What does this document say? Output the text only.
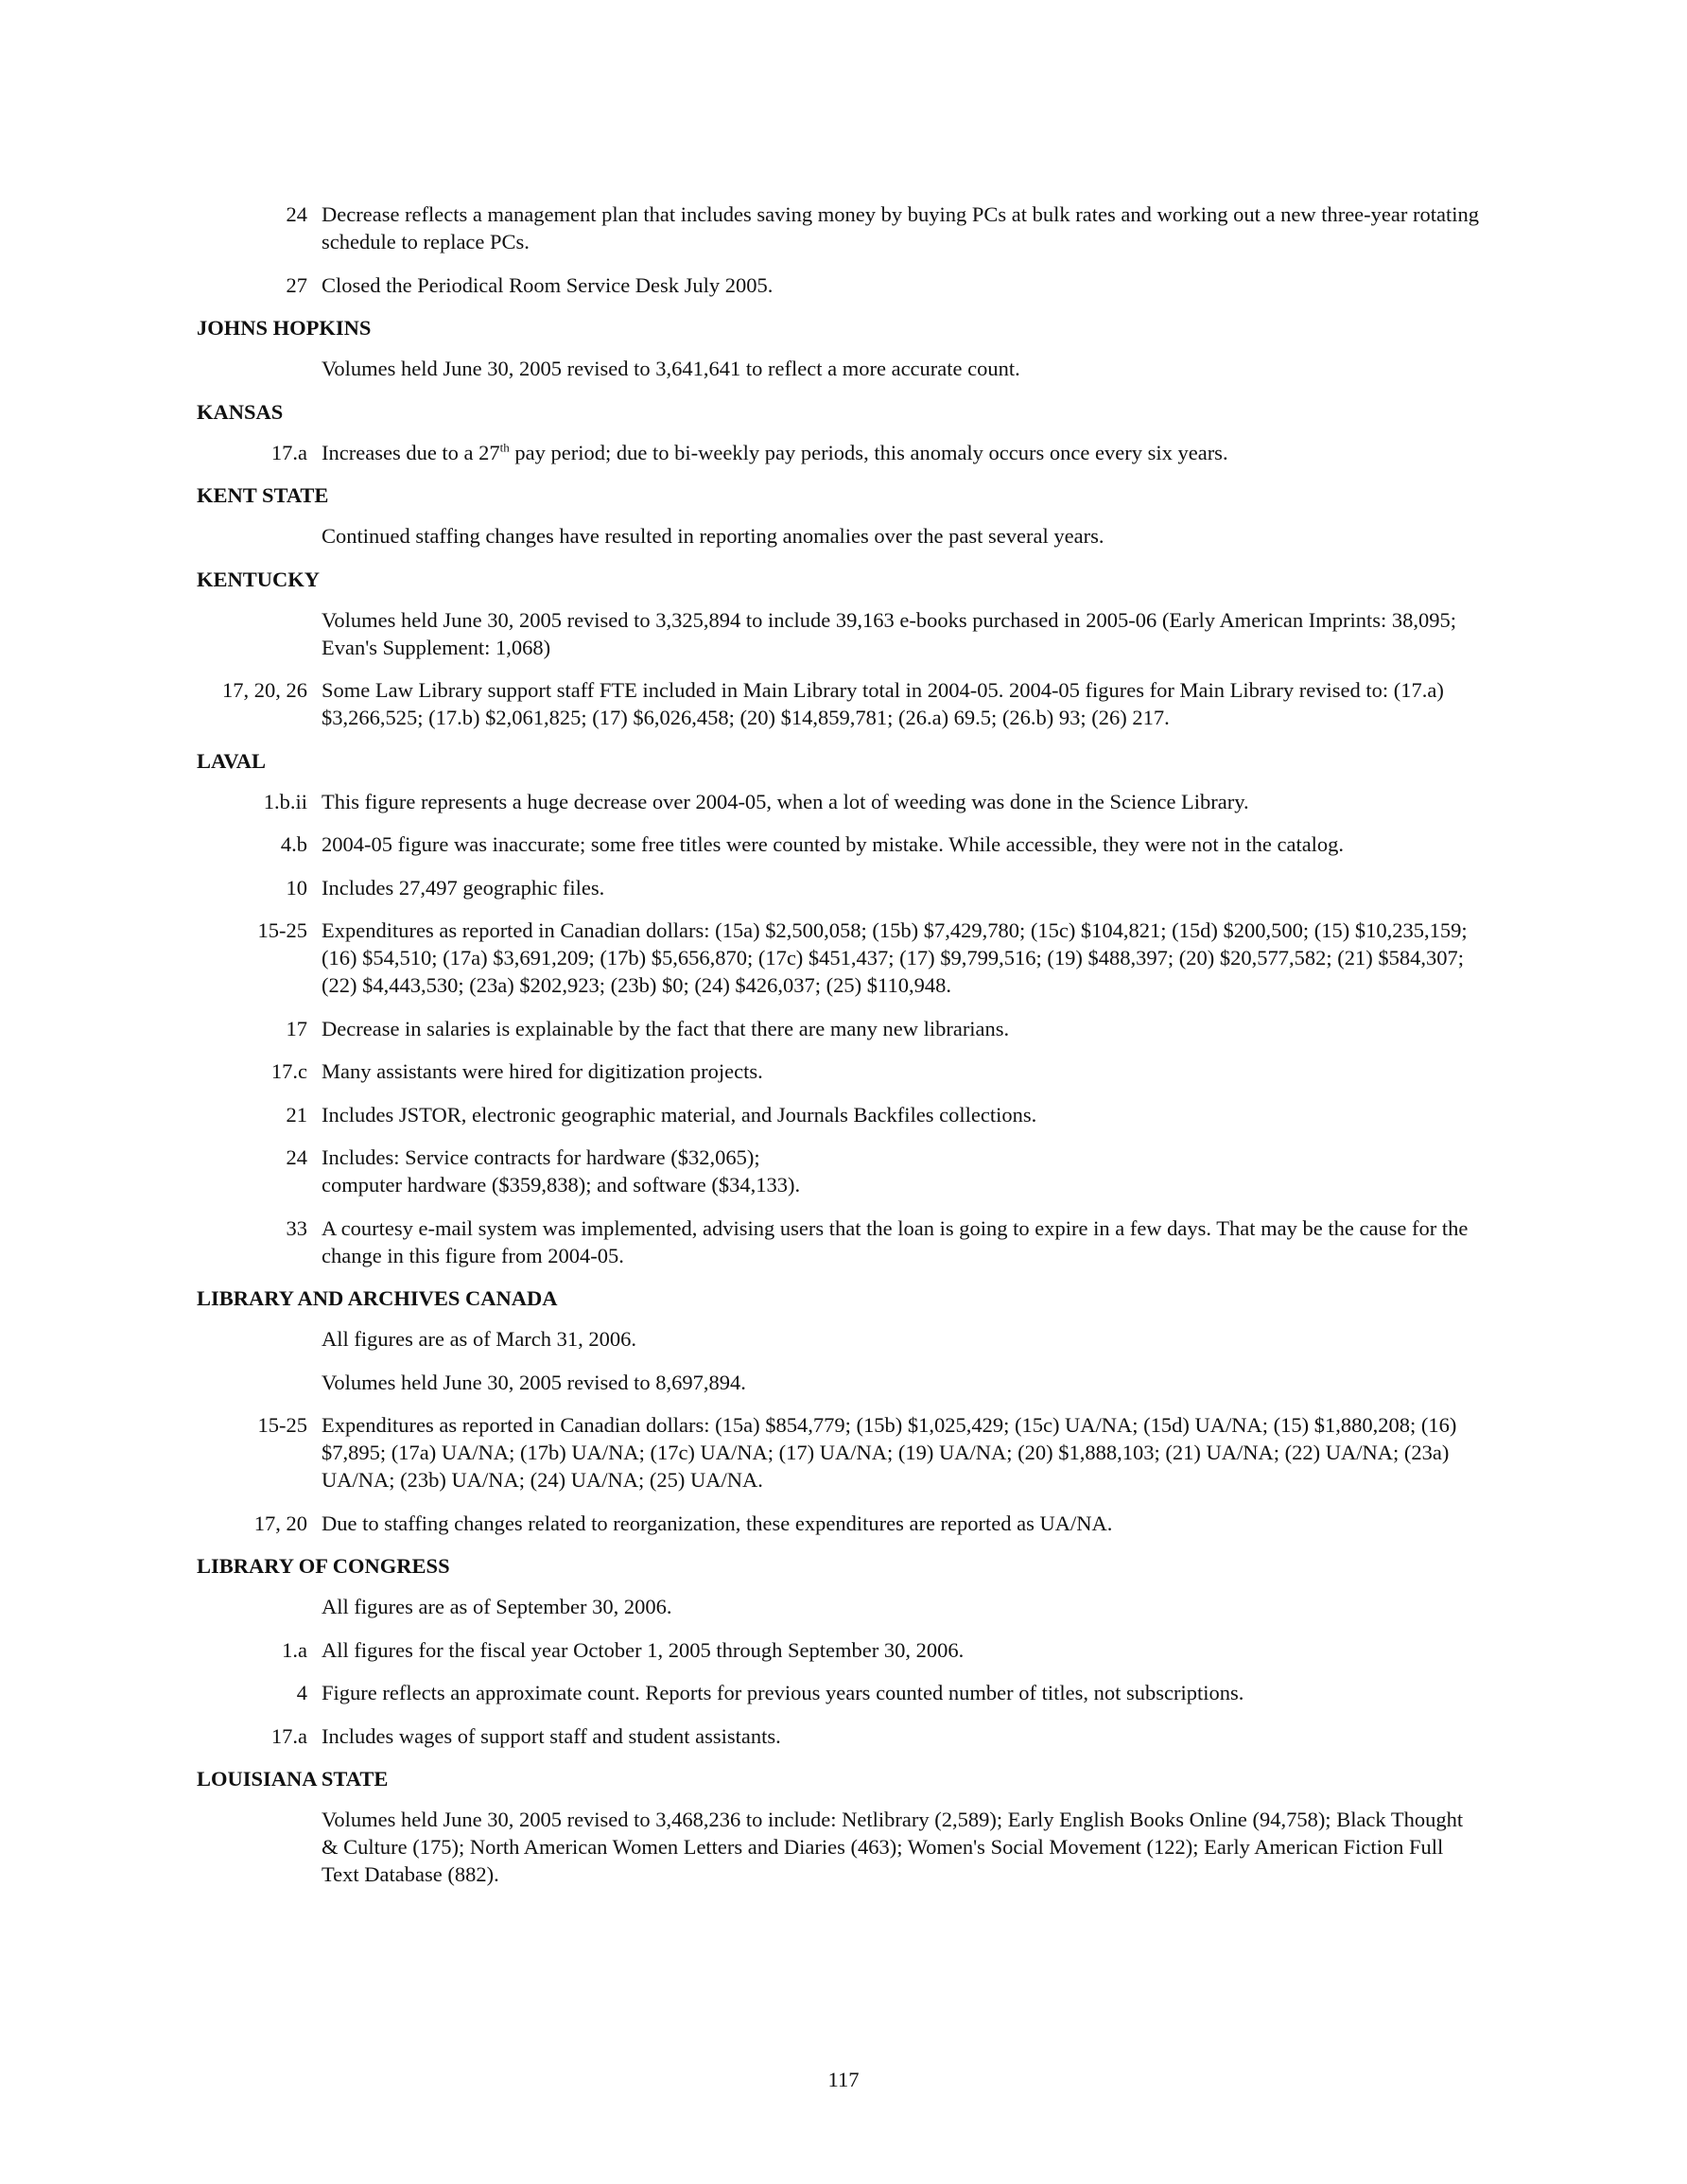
24 Decrease reflects a management plan that includes saving money by buying PCs at bulk rates and working out a new three-year rotating schedule to replace PCs.
27 Closed the Periodical Room Service Desk July 2005.
JOHNS HOPKINS
Volumes held June 30, 2005 revised to 3,641,641 to reflect a more accurate count.
KANSAS
17.a Increases due to a 27th pay period; due to bi-weekly pay periods, this anomaly occurs once every six years.
KENT STATE
Continued staffing changes have resulted in reporting anomalies over the past several years.
KENTUCKY
Volumes held June 30, 2005 revised to 3,325,894 to include 39,163 e-books purchased in 2005-06 (Early American Imprints: 38,095; Evan's Supplement: 1,068)
17, 20, 26 Some Law Library support staff FTE included in Main Library total in 2004-05. 2004-05 figures for Main Library revised to: (17.a) $3,266,525; (17.b) $2,061,825; (17) $6,026,458; (20) $14,859,781; (26.a) 69.5; (26.b) 93; (26) 217.
LAVAL
1.b.ii This figure represents a huge decrease over 2004-05, when a lot of weeding was done in the Science Library.
4.b 2004-05 figure was inaccurate; some free titles were counted by mistake. While accessible, they were not in the catalog.
10 Includes 27,497 geographic files.
15-25 Expenditures as reported in Canadian dollars: (15a) $2,500,058; (15b) $7,429,780; (15c) $104,821; (15d) $200,500; (15) $10,235,159; (16) $54,510; (17a) $3,691,209; (17b) $5,656,870; (17c) $451,437; (17) $9,799,516; (19) $488,397; (20) $20,577,582; (21) $584,307; (22) $4,443,530; (23a) $202,923; (23b) $0; (24) $426,037; (25) $110,948.
17 Decrease in salaries is explainable by the fact that there are many new librarians.
17.c Many assistants were hired for digitization projects.
21 Includes JSTOR, electronic geographic material, and Journals Backfiles collections.
24 Includes: Service contracts for hardware ($32,065);
computer hardware ($359,838); and software ($34,133).
33 A courtesy e-mail system was implemented, advising users that the loan is going to expire in a few days. That may be the cause for the change in this figure from 2004-05.
LIBRARY AND ARCHIVES CANADA
All figures are as of March 31, 2006.
Volumes held June 30, 2005 revised to 8,697,894.
15-25 Expenditures as reported in Canadian dollars: (15a) $854,779; (15b) $1,025,429; (15c) UA/NA; (15d) UA/NA; (15) $1,880,208; (16) $7,895; (17a) UA/NA; (17b) UA/NA; (17c) UA/NA; (17) UA/NA; (19) UA/NA; (20) $1,888,103; (21) UA/NA; (22) UA/NA; (23a) UA/NA; (23b) UA/NA; (24) UA/NA; (25) UA/NA.
17, 20 Due to staffing changes related to reorganization, these expenditures are reported as UA/NA.
LIBRARY OF CONGRESS
All figures are as of September 30, 2006.
1.a All figures for the fiscal year October 1, 2005 through September 30, 2006.
4 Figure reflects an approximate count. Reports for previous years counted number of titles, not subscriptions.
17.a Includes wages of support staff and student assistants.
LOUISIANA STATE
Volumes held June 30, 2005 revised to 3,468,236 to include: Netlibrary (2,589); Early English Books Online (94,758); Black Thought & Culture (175); North American Women Letters and Diaries (463); Women's Social Movement (122); Early American Fiction Full Text Database (882).
117
